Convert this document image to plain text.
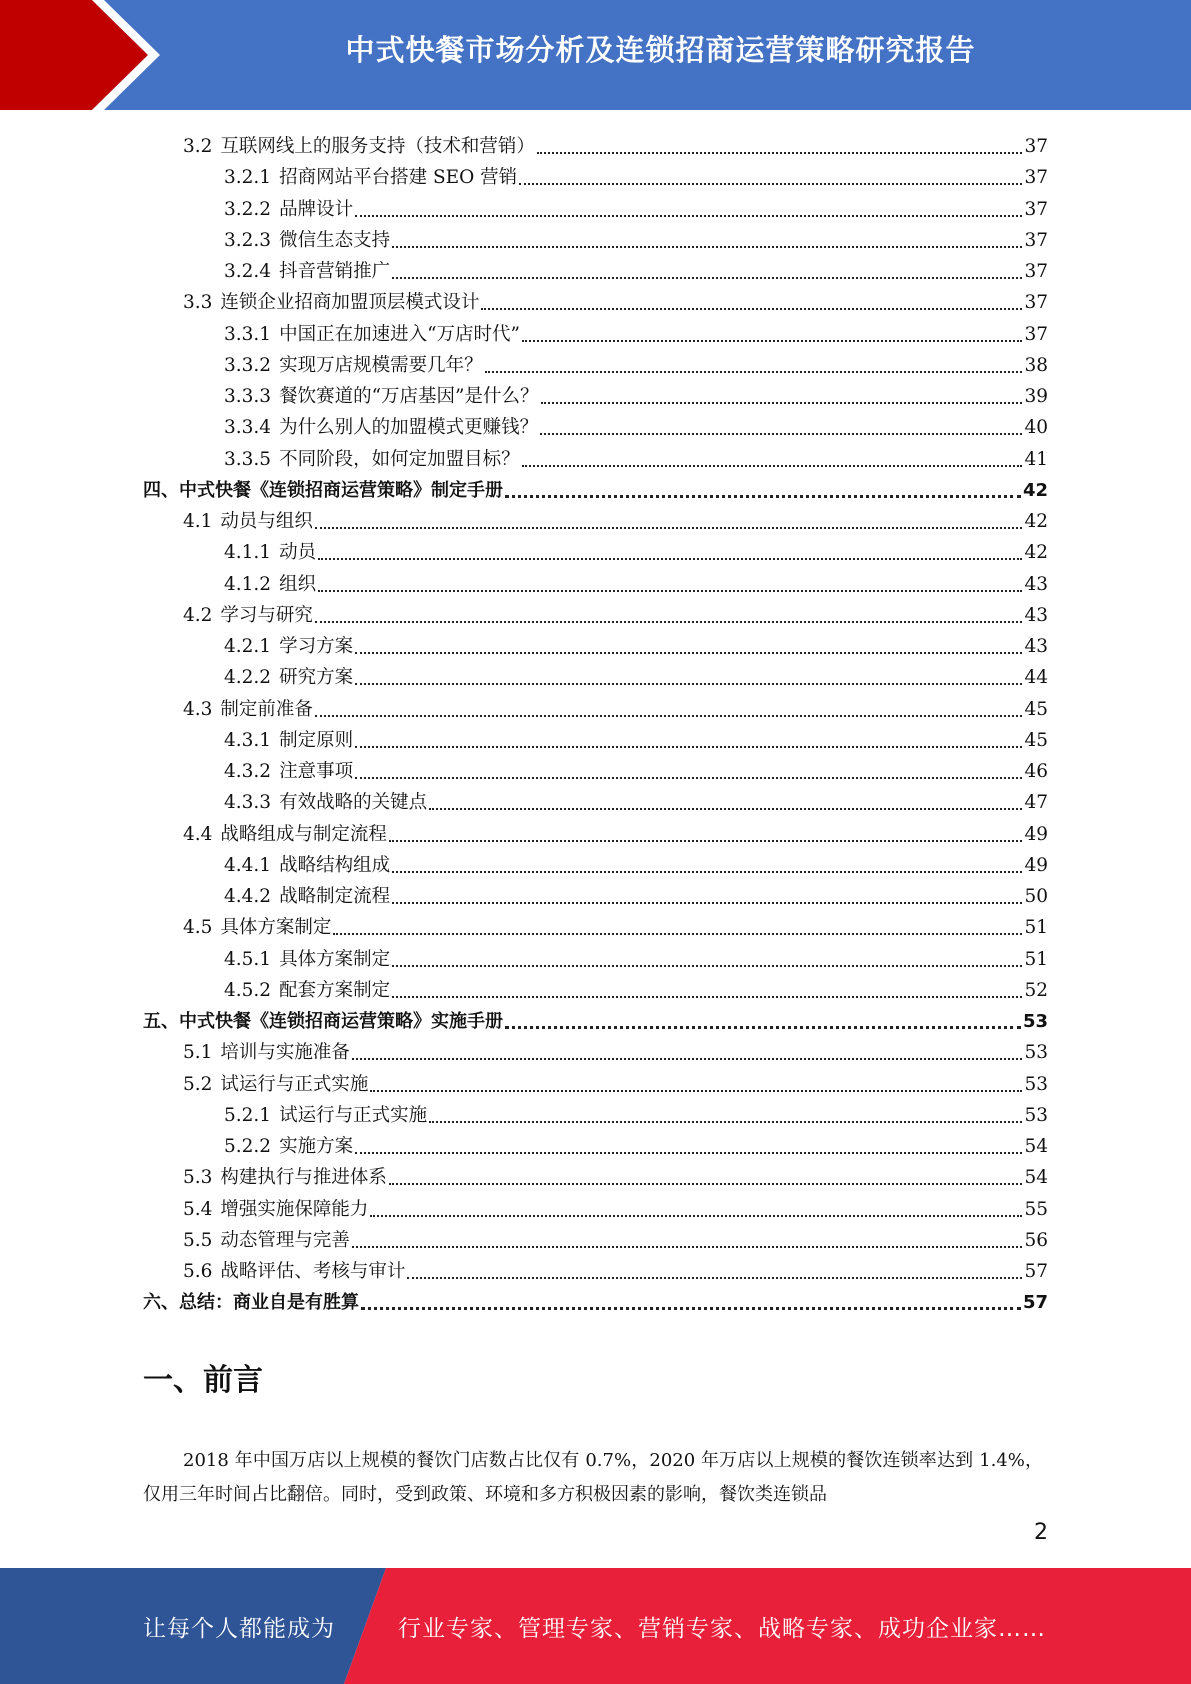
中式快餐市场分析及连锁招商运营策略研究报告
3.2 互联网线上的服务支持（技术和营销）	37
3.2.1 招商网站平台搭建 SEO 营销	37
3.2.2 品牌设计	37
3.2.3 微信生态支持	37
3.2.4 抖音营销推广	37
3.3 连锁企业招商加盟顶层模式设计	37
3.3.1 中国正在加速进入“万店时代”	37
3.3.2 实现万店规模需要几年？	38
3.3.3 餐饮赛道的“万店基因”是什么？	39
3.3.4 为什么别人的加盟模式更赚钱？	40
3.3.5 不同阶段，如何定加盟目标？	41
四、中式快餐《连锁招商运营策略》制定手册	42
4.1 动员与组织	42
4.1.1 动员	42
4.1.2 组织	43
4.2 学习与研究	43
4.2.1 学习方案	43
4.2.2 研究方案	44
4.3 制定前准备	45
4.3.1 制定原则	45
4.3.2 注意事项	46
4.3.3 有效战略的关键点	47
4.4 战略组成与制定流程	49
4.4.1 战略结构组成	49
4.4.2 战略制定流程	50
4.5 具体方案制定	51
4.5.1 具体方案制定	51
4.5.2 配套方案制定	52
五、中式快餐《连锁招商运营策略》实施手册	53
5.1 培训与实施准备	53
5.2 试运行与正式实施	53
5.2.1 试运行与正式实施	53
5.2.2 实施方案	54
5.3 构建执行与推进体系	54
5.4 增强实施保障能力	55
5.5 动态管理与完善	56
5.6 战略评估、考核与审计	57
六、总结：商业自是有胜算	57
一、前言
2018 年中国万店以上规模的餐饮门店数占比仅有 0.7%，2020 年万店以上规模的餐饮连锁率达到 1.4%，仅用三年时间占比翻倍。同时，受到政策、环境和多方积极因素的影响，餐饮类连锁品
2
让每个人都能成为	行业专家、管理专家、营销专家、战略专家、成功企业家……
